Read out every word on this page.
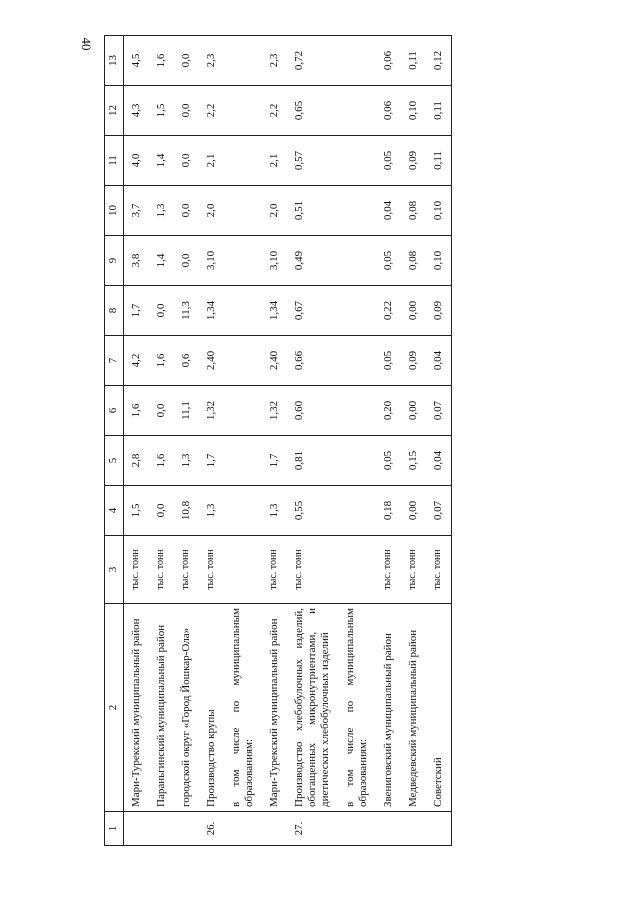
40
1	2	3	4	5	6	7	8	9	10	11	12	13
	Мари-Турекский муниципальный район	тыс. тонн	1,5	2,8	1,6	4,2	1,7	3,8	3,7	4,0	4,3	4,5
	Параньгинский муниципальный район	тыс. тонн	0,0	1,6	0,0	1,6	0,0	1,4	1,3	1,4	1,5	1,6
	городской округ «Город Йошкар-Ола»	тыс. тонн	10,8	1,3	11,1	0,6	11,3	0,0	0,0	0,0	0,0	0,0
26.	Производство крупы	тыс. тонн	1,3	1,7	1,32	2,40	1,34	3,10	2,0	2,1	2,2	2,3
	в том числе по муниципальным образованиям:											
	Мари-Турекский муниципальный район	тыс. тонн	1,3	1,7	1,32	2,40	1,34	3,10	2,0	2,1	2,2	2,3
27.	Производство хлебобулочных изделий, обогащенных микронутриентами, и диетических хлебобулочных изделий	тыс. тонн	0,55	0,81	0,60	0,66	0,67	0,49	0,51	0,57	0,65	0,72
	в том числе по муниципальным образованиям:											
	Звениговский муниципальный район	тыс. тонн	0,18	0,05	0,20	0,05	0,22	0,05	0,04	0,05	0,06	0,06
	Медведевский муниципальный район	тыс. тонн	0,00	0,15	0,00	0,09	0,00	0,08	0,08	0,09	0,10	0,11
	Советский	тыс. тонн	0,07	0,04	0,07	0,04	0,09	0,10	0,10	0,11	0,11	0,12
